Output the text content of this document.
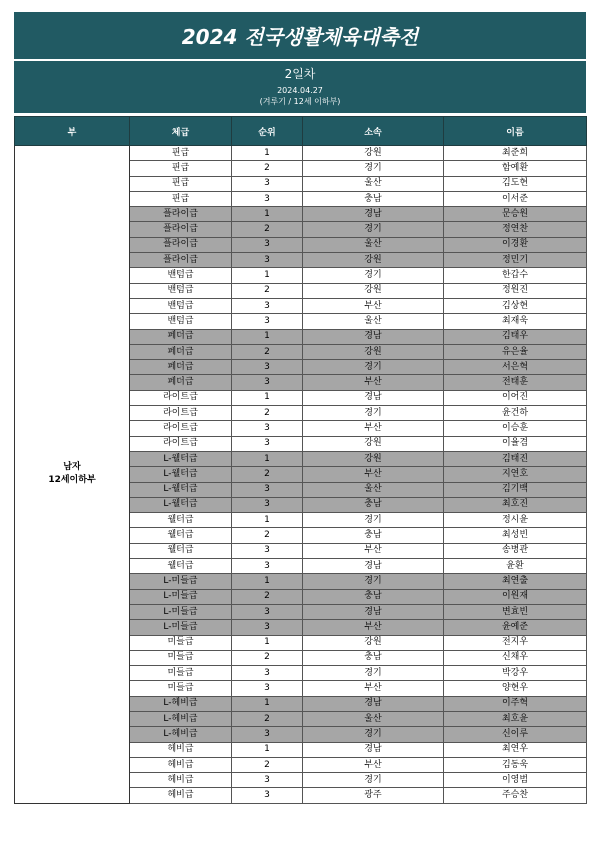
2024 전국생활체육대축전
2일차
2024.04.27
(겨루기 / 12세 이하부)
부	체급	순위	소속	이름

남자
12세이하부	핀급	1	강원	최준희
	핀급	2	경기	함예환
	핀급	3	울산	김도현
	핀급	3	충남	이서준
	플라이급	1	경남	문승원
	플라이급	2	경기	정연찬
	플라이급	3	울산	이경환
	플라이급	3	강원	정민기
	밴텀급	1	경기	한갑수
	밴텀급	2	강원	정원진
	밴텀급	3	부산	김상현
	밴텀급	3	울산	최재욱
	페더급	1	경남	김태우
	페더급	2	강원	유은율
	페더급	3	경기	서은혁
	페더급	3	부산	전태훈
	라이트급	1	경남	이어진
	라이트급	2	경기	윤건하
	라이트급	3	부산	이승훈
	라이트급	3	강원	이율겸
	L-웰터급	1	강원	김태진
	L-웰터급	2	부산	지연호
	L-웰터급	3	울산	김기백
	L-웰터급	3	충남	최호진
	웰터급	1	경기	정시윤
	웰터급	2	충남	최성빈
	웰터급	3	부산	송병관
	웰터급	3	경남	윤환
	L-미들급	1	경기	최연출
	L-미들급	2	충남	이원재
	L-미들급	3	경남	변효빈
	L-미들급	3	부산	윤예준
	미들급	1	강원	전지우
	미들급	2	충남	신채우
	미들급	3	경기	박강우
	미들급	3	부산	양현우
	L-헤비급	1	경남	이주혁
	L-헤비급	2	울산	최호윤
	L-헤비급	3	경기	신이루
	헤비급	1	경남	최연우
	헤비급	2	부산	김동욱
	헤비급	3	경기	이영범
	헤비급	3	광주	주승찬
